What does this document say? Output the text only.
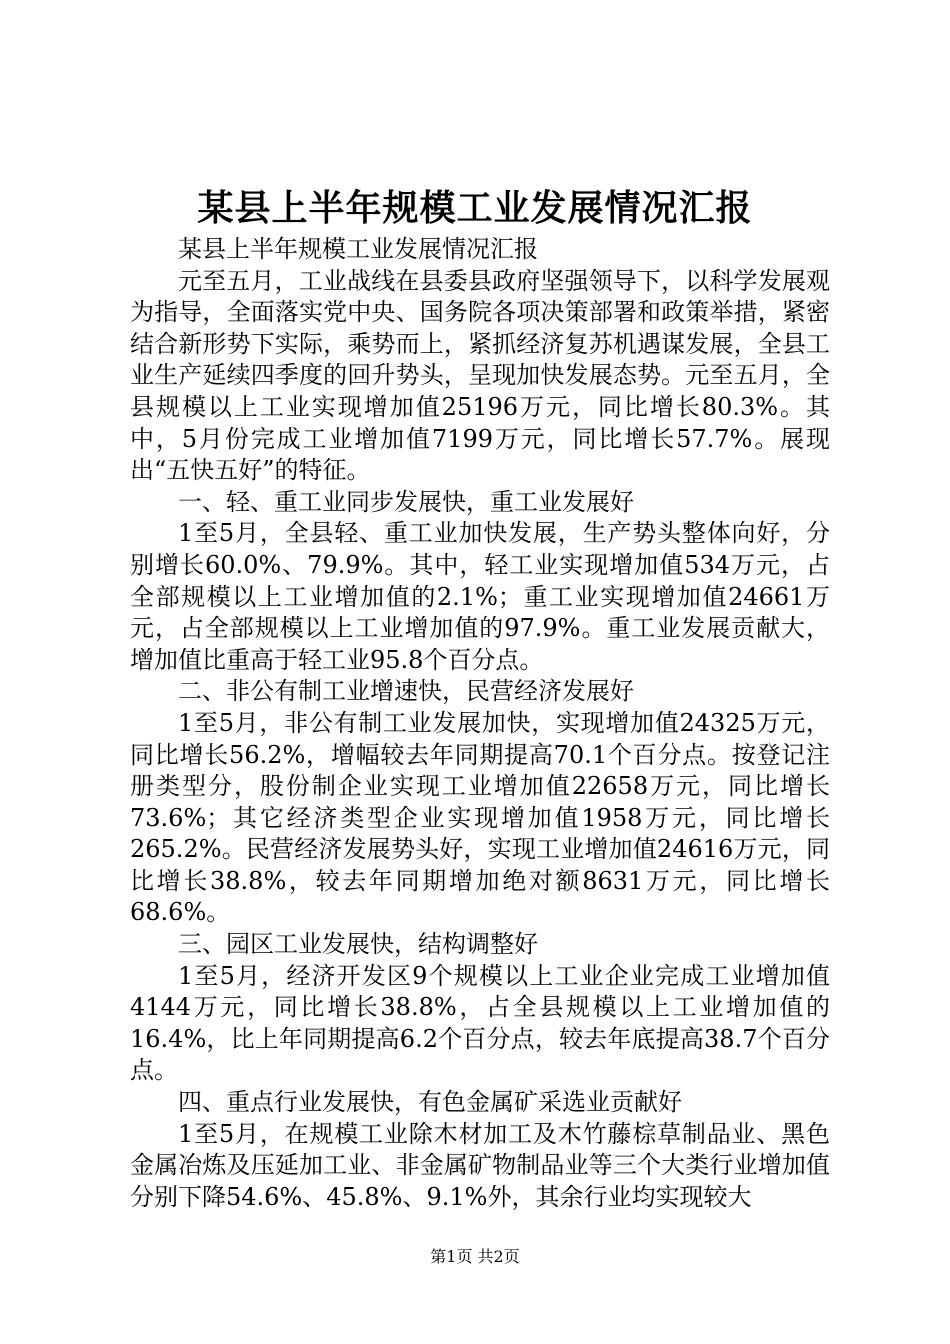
某县上半年规模工业发展情况汇报

某县上半年规模工业发展情况汇报

元至五月，工业战线在县委县政府坚强领导下，以科学发展观为指导，全面落实党中央、国务院各项决策部署和政策举措，紧密结合新形势下实际，乘势而上，紧抓经济复苏机遇谋发展，全县工业生产延续四季度的回升势头，呈现加快发展态势。元至五月，全县规模以上工业实现增加值25196万元，同比增长80.3%。其中，5月份完成工业增加值7199万元，同比增长57.7%。展现出“五快五好”的特征。

一、轻、重工业同步发展快，重工业发展好

1至5月，全县轻、重工业加快发展，生产势头整体向好，分别增长60.0%、79.9%。其中，轻工业实现增加值534万元，占全部规模以上工业增加值的2.1%；重工业实现增加值24661万元，占全部规模以上工业增加值的97.9%。重工业发展贡献大，增加值比重高于轻工业95.8个百分点。

二、非公有制工业增速快，民营经济发展好

1至5月，非公有制工业发展加快，实现增加值24325万元，同比增长56.2%，增幅较去年同期提高70.1个百分点。按登记注册类型分，股份制企业实现工业增加值22658万元，同比增长73.6%；其它经济类型企业实现增加值1958万元，同比增长265.2%。民营经济发展势头好，实现工业增加值24616万元，同比增长38.8%，较去年同期增加绝对额8631万元，同比增长68.6%。

三、园区工业发展快，结构调整好

1至5月，经济开发区9个规模以上工业企业完成工业增加值4144万元，同比增长38.8%，占全县规模以上工业增加值的16.4%，比上年同期提高6.2个百分点，较去年底提高38.7个百分点。

四、重点行业发展快，有色金属矿采选业贡献好

1至5月，在规模工业除木材加工及木竹藤棕草制品业、黑色金属冶炼及压延加工业、非金属矿物制品业等三个大类行业增加值分别下降54.6%、45.8%、9.1%外，其余行业均实现较大

第1页 共2页
